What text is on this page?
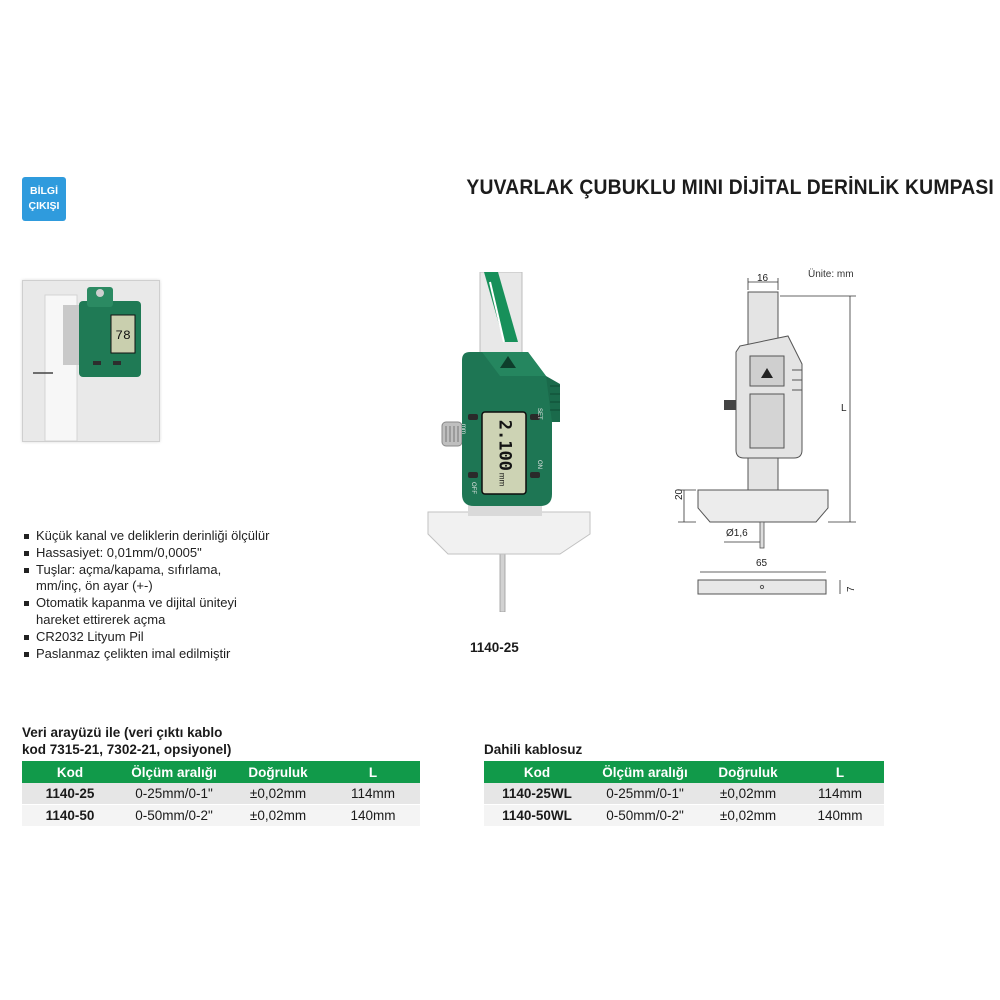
BİLGİ
ÇIKIŞI
YUVARLAK ÇUBUKLU MINI DİJİTAL DERİNLİK KUMPASI
78
2.100
mm
mm
SET
OFF
ON
1140-25
Küçük kanal ve deliklerin derinliği ölçülür
Hassasiyet: 0,01mm/0,0005"
Tuşlar: açma/kapama, sıfırlama,
mm/inç, ön ayar (+-)
Otomatik kapanma ve dijital üniteyi
hareket ettirerek açma
CR2032 Lityum Pil
Paslanmaz çelikten imal edilmiştir
16
L
20
Ø1,6
65
7
Ünite: mm
Veri arayüzü ile (veri çıktı kablo
kod 7315-21, 7302-21, opsiyonel)
Kod	Ölçüm aralığı	Doğruluk	L
1140-25	0-25mm/0-1"	±0,02mm	114mm
1140-50	0-50mm/0-2"	±0,02mm	140mm
Dahili kablosuz
Kod	Ölçüm aralığı	Doğruluk	L
1140-25WL	0-25mm/0-1"	±0,02mm	114mm
1140-50WL	0-50mm/0-2"	±0,02mm	140mm
